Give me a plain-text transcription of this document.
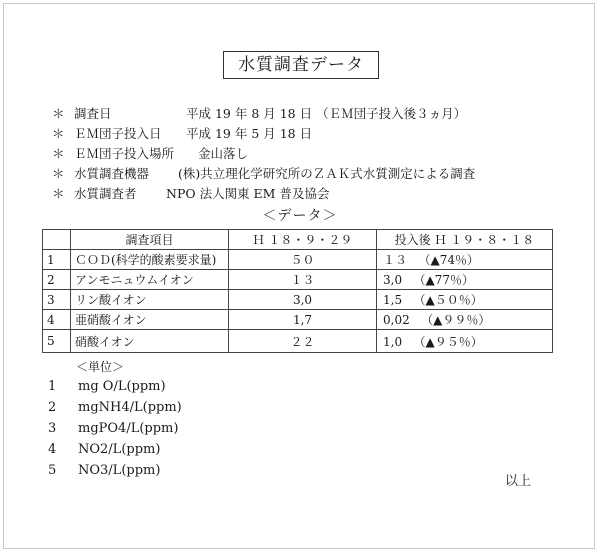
水質調査データ
＊ 調査日	平成 19 年 8 月 18 日 （ＥＭ団子投入後３ヵ月）
＊ ＥＭ団子投入日 平成 19 年 5 月 18 日
＊ ＥＭ団子投入場所 金山落し
＊ 水質調査機器 (株)共立理化学研究所のＺＡＫ式水質測定による調査
＊ 水質調査者 NPO 法人関東 EM 普及協会
＜データ＞
	調査項目	Ｈ １８・９・２９	投入後 Ｈ １９・８・１８
1	ＣＯＤ(科学的酸素要求量)	５０	１３ （▲74％）
2	アンモニュウムイオン	１３	3,0 （▲77％）
3	リン酸イオン	3,0	1,5 （▲５０％）
4	亜硝酸イオン	1,7	0,02 （▲９９％）
5	硝酸イオン	２２	1,0 （▲９５％）
＜単位＞
1 mg O/L(ppm)
2 mgNH4/L(ppm)
3 mgPO4/L(ppm)
4 NO2/L(ppm)
5 NO3/L(ppm)
以上
